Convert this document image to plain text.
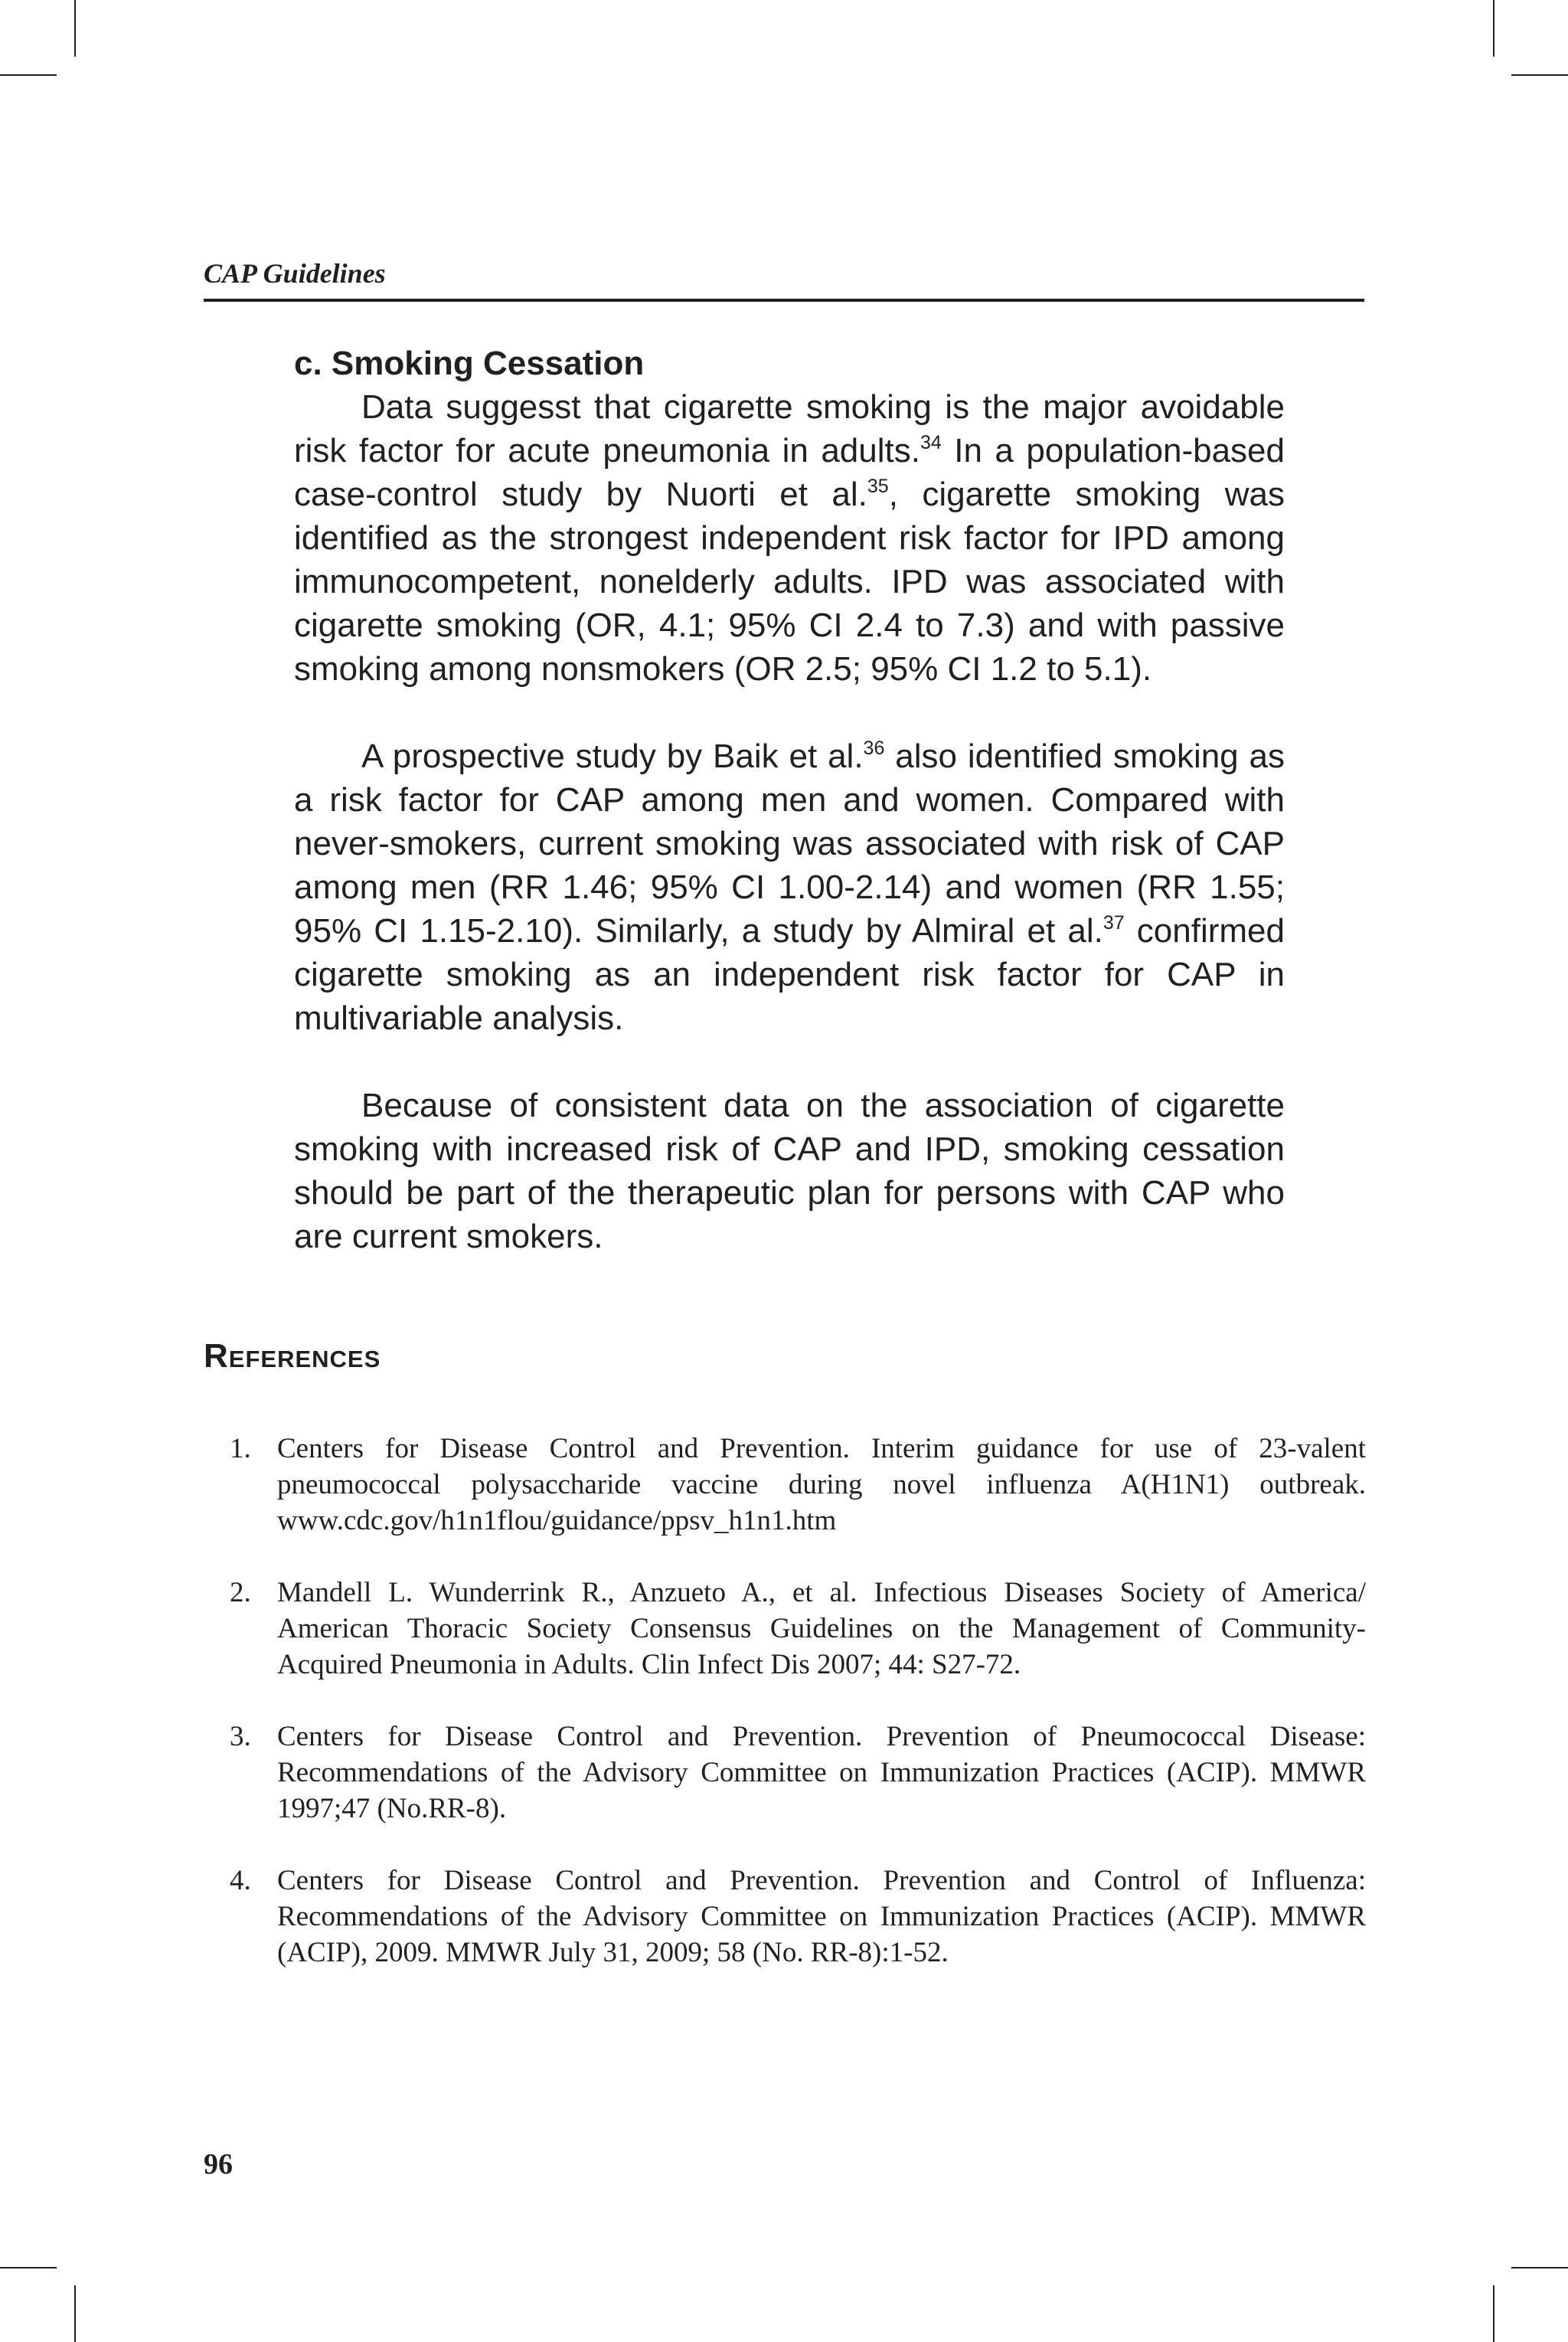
CAP Guidelines

c. Smoking Cessation

Data suggesst that cigarette smoking is the major avoidable risk factor for acute pneumonia in adults.$^{34}$ In a population-based case-control study by Nuorti et al.$^{35}$, cigarette smoking was identified as the strongest independent risk factor for IPD among immunocompetent, nonelderly adults. IPD was associated with cigarette smoking (OR, 4.1; 95% CI 2.4 to 7.3) and with passive smoking among nonsmokers (OR 2.5; 95% CI 1.2 to 5.1).

A prospective study by Baik et al.$^{36}$ also identified smoking as a risk factor for CAP among men and women. Compared with never-smokers, current smoking was associated with risk of CAP among men (RR 1.46; 95% CI 1.00-2.14) and women (RR 1.55; 95% CI 1.15-2.10). Similarly, a study by Almiral et al.$^{37}$ confirmed cigarette smoking as an independent risk factor for CAP in multivariable analysis.

Because of consistent data on the association of cigarette smoking with increased risk of CAP and IPD, smoking cessation should be part of the therapeutic plan for persons with CAP who are current smokers.

References
1. Centers for Disease Control and Prevention. Interim guidance for use of 23-valent pneumococcal polysaccharide vaccine during novel influenza A(H1N1) outbreak. www.cdc.gov/h1n1flou/guidance/ppsv_h1n1.htm
2. Mandell L. Wunderrink R., Anzueto A., et al. Infectious Diseases Society of America/ American Thoracic Society Consensus Guidelines on the Management of Community-Acquired Pneumonia in Adults. Clin Infect Dis 2007; 44: S27-72.
3. Centers for Disease Control and Prevention. Prevention of Pneumococcal Disease: Recommendations of the Advisory Committee on Immunization Practices (ACIP). MMWR 1997;47 (No.RR-8).
4. Centers for Disease Control and Prevention. Prevention and Control of Influenza: Recommendations of the Advisory Committee on Immunization Practices (ACIP). MMWR (ACIP), 2009. MMWR July 31, 2009; 58 (No. RR-8):1-52.
96
